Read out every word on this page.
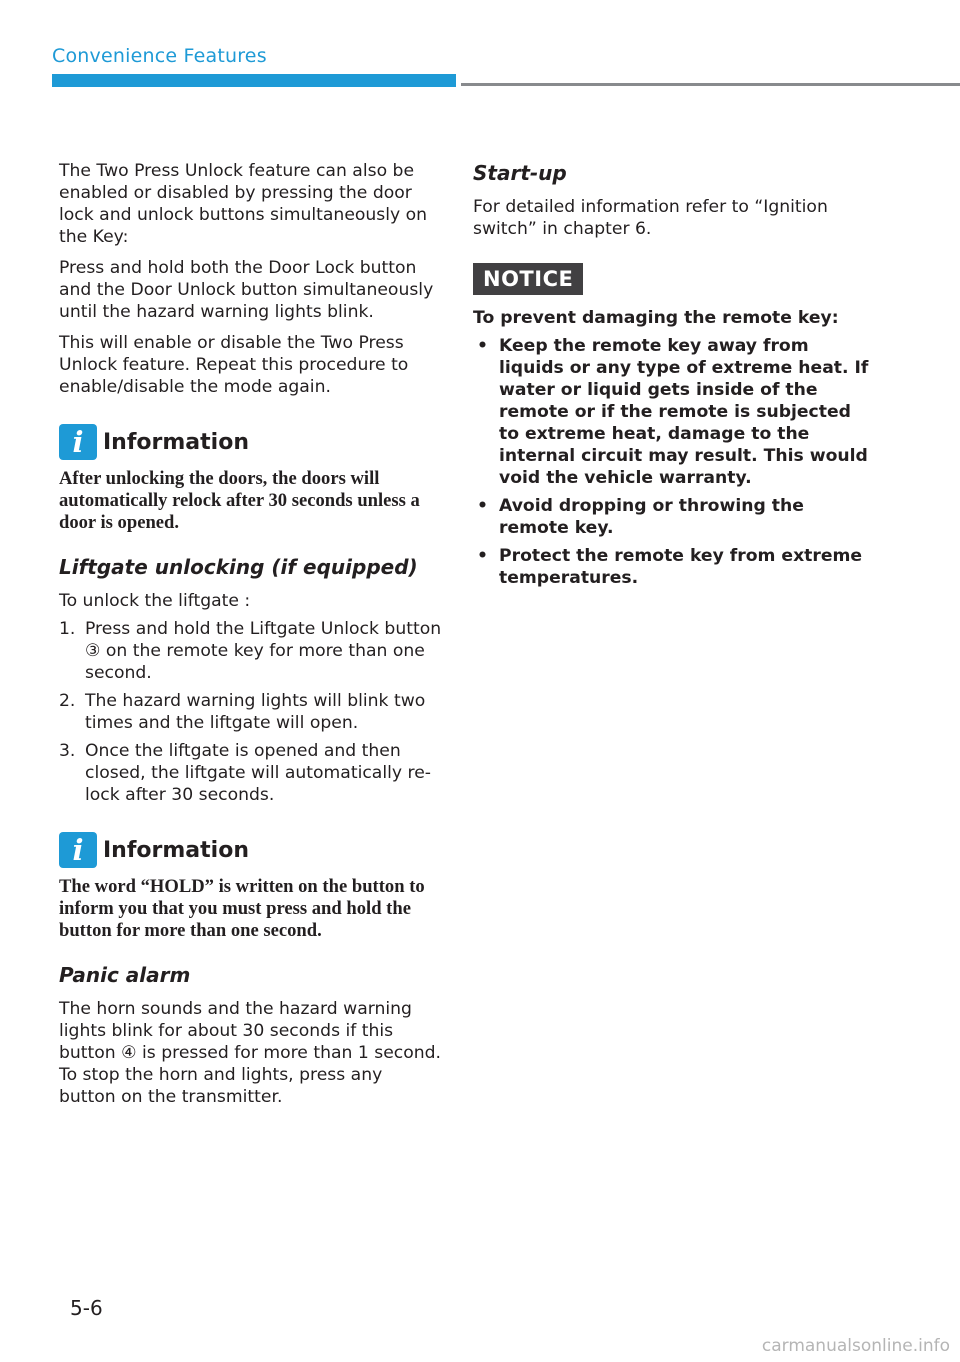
Convenience Features

The Two Press Unlock feature can also be enabled or disabled by pressing the door lock and unlock buttons simultaneously on the Key:

Press and hold both the Door Lock button and the Door Unlock button simultaneously until the hazard warning lights blink.

This will enable or disable the Two Press Unlock feature. Repeat this procedure to enable/disable the mode again.

i Information

After unlocking the doors, the doors will automatically relock after 30 seconds unless a door is opened.

Liftgate unlocking (if equipped)

To unlock the liftgate :

1. Press and hold the Liftgate Unlock button ③ on the remote key for more than one second.
2. The hazard warning lights will blink two times and the liftgate will open.
3. Once the liftgate is opened and then closed, the liftgate will automatically re-lock after 30 seconds.
i Information

The word “HOLD” is written on the button to inform you that you must press and hold the button for more than one second.

Panic alarm

The horn sounds and the hazard warning lights blink for about 30 seconds if this button ④ is pressed for more than 1 second. To stop the horn and lights, press any button on the transmitter.

Start-up

For detailed information refer to “Ignition switch” in chapter 6.

NOTICE

To prevent damaging the remote key:

• Keep the remote key away from liquids or any type of extreme heat. If water or liquid gets inside of the remote or if the remote is subjected to extreme heat, damage to the internal circuit may result. This would void the vehicle warranty.
• Avoid dropping or throwing the remote key.
• Protect the remote key from extreme temperatures.
5-6
carmanualsonline.info
